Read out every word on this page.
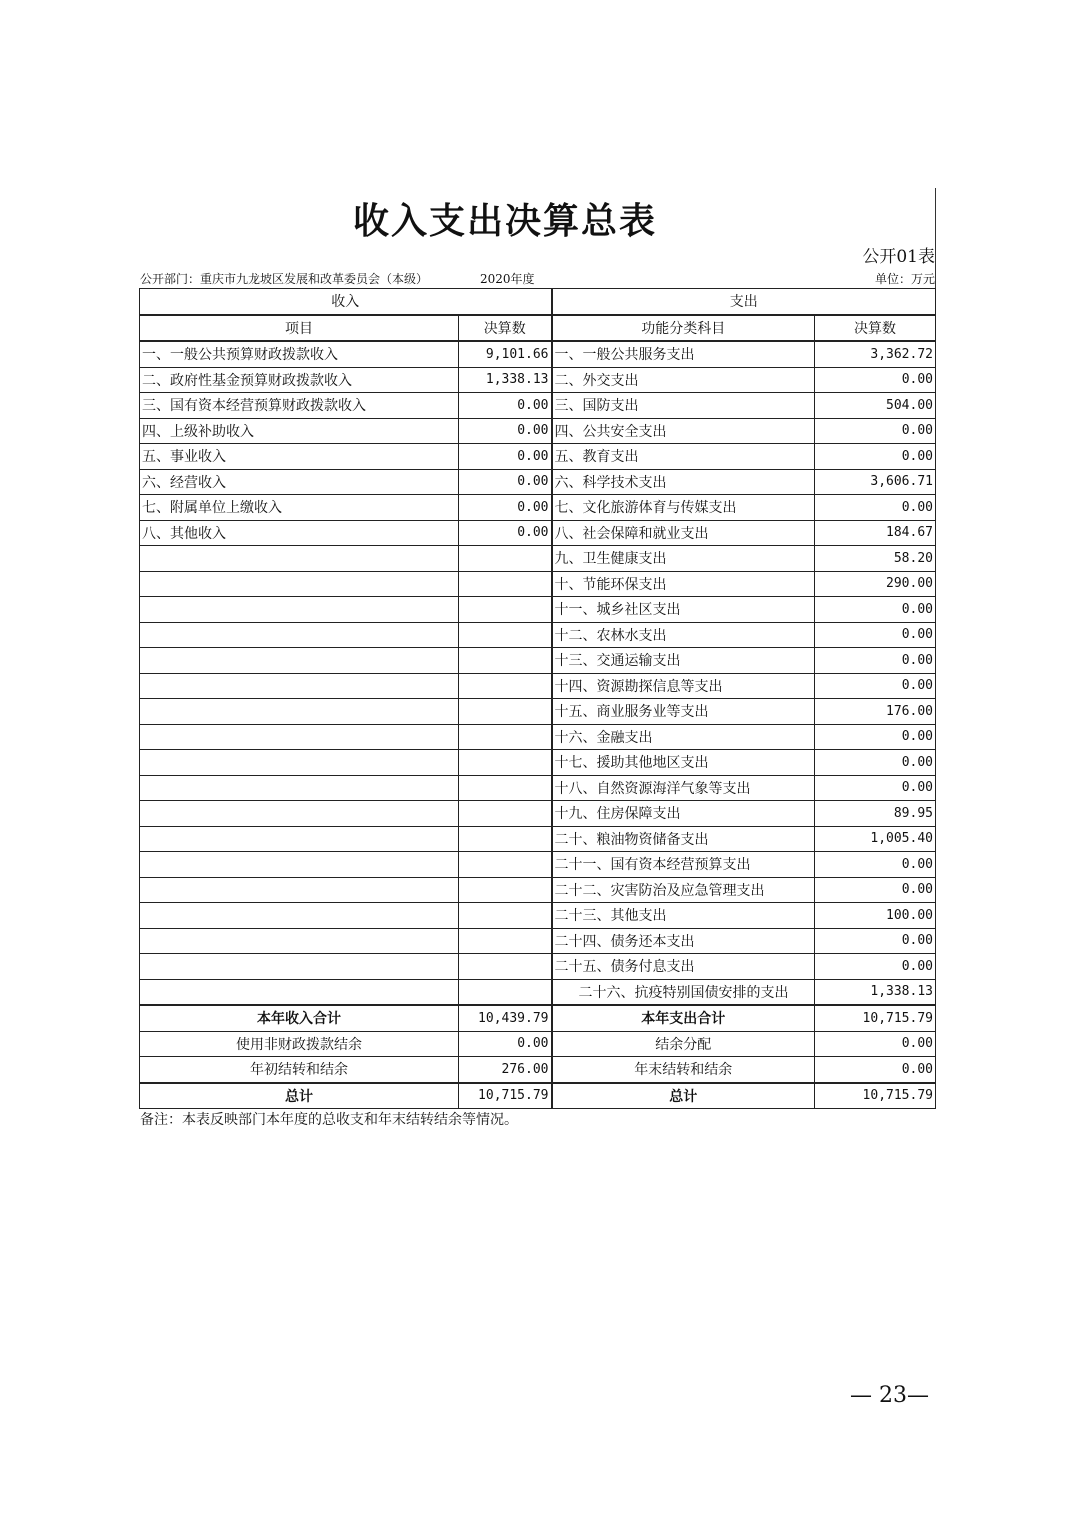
收入支出决算总表
公开01表
公开部门：重庆市九龙坡区发展和改革委员会（本级）	2020年度	单位：万元
收入		支出	
项目	决算数	功能分类科目	决算数
一、一般公共预算财政拨款收入	9,101.66	一、一般公共服务支出	3,362.72
二、政府性基金预算财政拨款收入	1,338.13	二、外交支出	0.00
三、国有资本经营预算财政拨款收入	0.00	三、国防支出	504.00
四、上级补助收入	0.00	四、公共安全支出	0.00
五、事业收入	0.00	五、教育支出	0.00
六、经营收入	0.00	六、科学技术支出	3,606.71
七、附属单位上缴收入	0.00	七、文化旅游体育与传媒支出	0.00
八、其他收入	0.00	八、社会保障和就业支出	184.67
		九、卫生健康支出	58.20
		十、节能环保支出	290.00
		十一、城乡社区支出	0.00
		十二、农林水支出	0.00
		十三、交通运输支出	0.00
		十四、资源勘探信息等支出	0.00
		十五、商业服务业等支出	176.00
		十六、金融支出	0.00
		十七、援助其他地区支出	0.00
		十八、自然资源海洋气象等支出	0.00
		十九、住房保障支出	89.95
		二十、粮油物资储备支出	1,005.40
		二十一、国有资本经营预算支出	0.00
		二十二、灾害防治及应急管理支出	0.00
		二十三、其他支出	100.00
		二十四、债务还本支出	0.00
		二十五、债务付息支出	0.00
		二十六、抗疫特别国债安排的支出	1,338.13
本年收入合计	10,439.79	本年支出合计	10,715.79
使用非财政拨款结余	0.00	结余分配	0.00
年初结转和结余	276.00	年末结转和结余	0.00
总计	10,715.79	总计	10,715.79
备注：本表反映部门本年度的总收支和年末结转结余等情况。
— 23—
